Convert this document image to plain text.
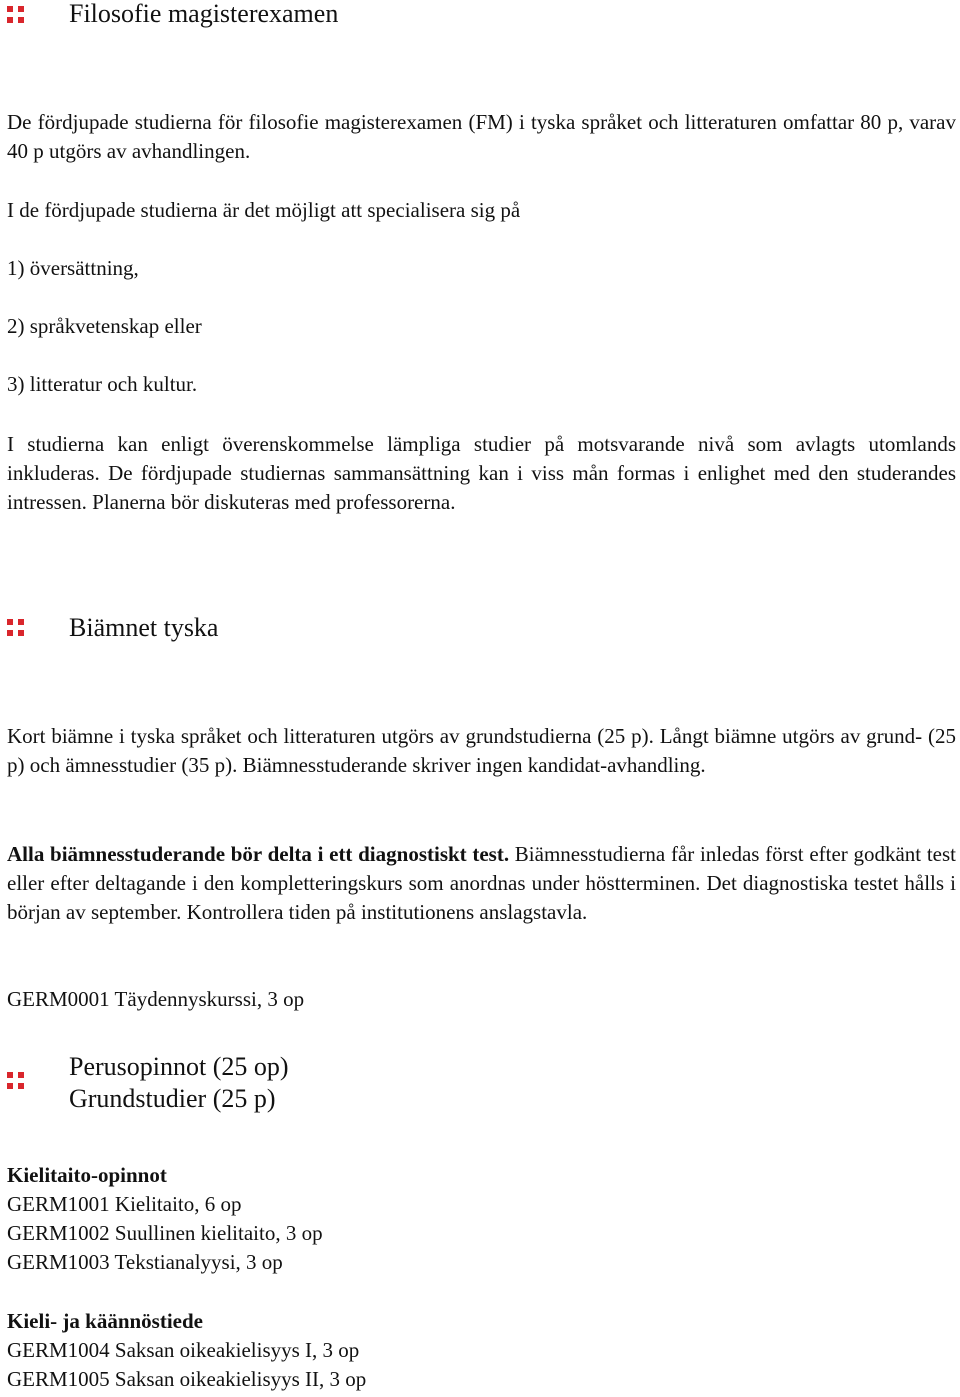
Filosofie magisterexamen

De fördjupade studierna för filosofie magisterexamen (FM) i tyska språket och litteraturen omfattar 80 p, varav 40 p utgörs av avhandlingen.

I de fördjupade studierna är det möjligt att specialisera sig på

1) översättning,

2) språkvetenskap eller

3) litteratur och kultur.

I studierna kan enligt överenskommelse lämpliga studier på motsvarande nivå som avlagts utomlands inkluderas. De fördjupade studiernas sammansättning kan i viss mån formas i enlighet med den studerandes intressen. Planerna bör diskuteras med professorerna.

Biämnet tyska

Kort biämne i tyska språket och litteraturen utgörs av grundstudierna (25 p). Långt biämne utgörs av grund- (25 p) och ämnesstudier (35 p). Biämnesstuderande skriver ingen kandidat-avhandling.

Alla biämnesstuderande bör delta i ett diagnostiskt test. Biämnesstudierna får inledas först efter godkänt test eller efter deltagande i den kompletteringskurs som anordnas under höstterminen. Det diagnostiska testet hålls i början av september. Kontrollera tiden på institutionens anslagstavla.

GERM0001 Täydennyskurssi, 3 op

Perusopinnot (25 op)
Grundstudier (25 p)
Kielitaito-opinnot
GERM1001 Kielitaito, 6 op
GERM1002 Suullinen kielitaito, 3 op
GERM1003 Tekstianalyysi, 3 op
Kieli- ja käännöstiede
GERM1004 Saksan oikeakielisyys I, 3 op
GERM1005 Saksan oikeakielisyys II, 3 op
